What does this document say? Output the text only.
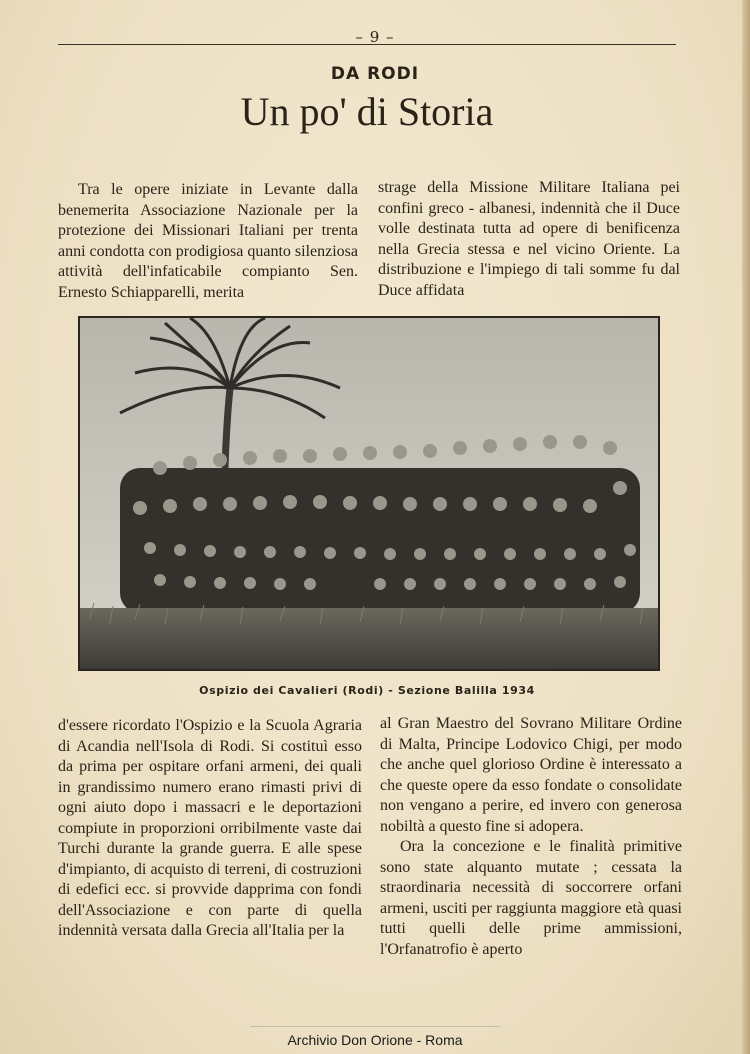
– 9 –
DA RODI
Un po' di Storia

Tra le opere iniziate in Levante dalla benemerita Associazione Nazionale per la protezione dei Missionari Italiani per trenta anni condotta con prodigiosa quanto silenziosa attività dell'infaticabile compianto Sen. Ernesto Schiapparelli, merita

strage della Missione Militare Italiana pei confini greco - albanesi, indennità che il Duce volle destinata tutta ad opere di benificenza nella Grecia stessa e nel vicino Oriente. La distribuzione e l'impiego di tali somme fu dal Duce affidata

Ospizio dei Cavalieri (Rodi) - Sezione Balilla 1934

d'essere ricordato l'Ospizio e la Scuola Agraria di Acandia nell'Isola di Rodi. Si costituì esso da prima per ospitare orfani armeni, dei quali in grandissimo numero erano rimasti privi di ogni aiuto dopo i massacri e le deportazioni compiute in proporzioni orribilmente vaste dai Turchi durante la grande guerra. E alle spese d'impianto, di acquisto di terreni, di costruzioni di edefici ecc. si provvide dapprima con fondi dell'Associazione e con parte di quella indennità versata dalla Grecia all'Italia per la

al Gran Maestro del Sovrano Militare Ordine di Malta, Principe Lodovico Chigi, per modo che anche quel glorioso Ordine è interessato a che queste opere da esso fondate o consolidate non vengano a perire, ed invero con generosa nobiltà a questo fine si adopera.

Ora la concezione e le finalità primitive sono state alquanto mutate ; cessata la straordinaria necessità di soccorrere orfani armeni, usciti per raggiunta maggiore età quasi tutti quelli delle prime ammissioni, l'Orfanatrofio è aperto

Archivio Don Orione - Roma
